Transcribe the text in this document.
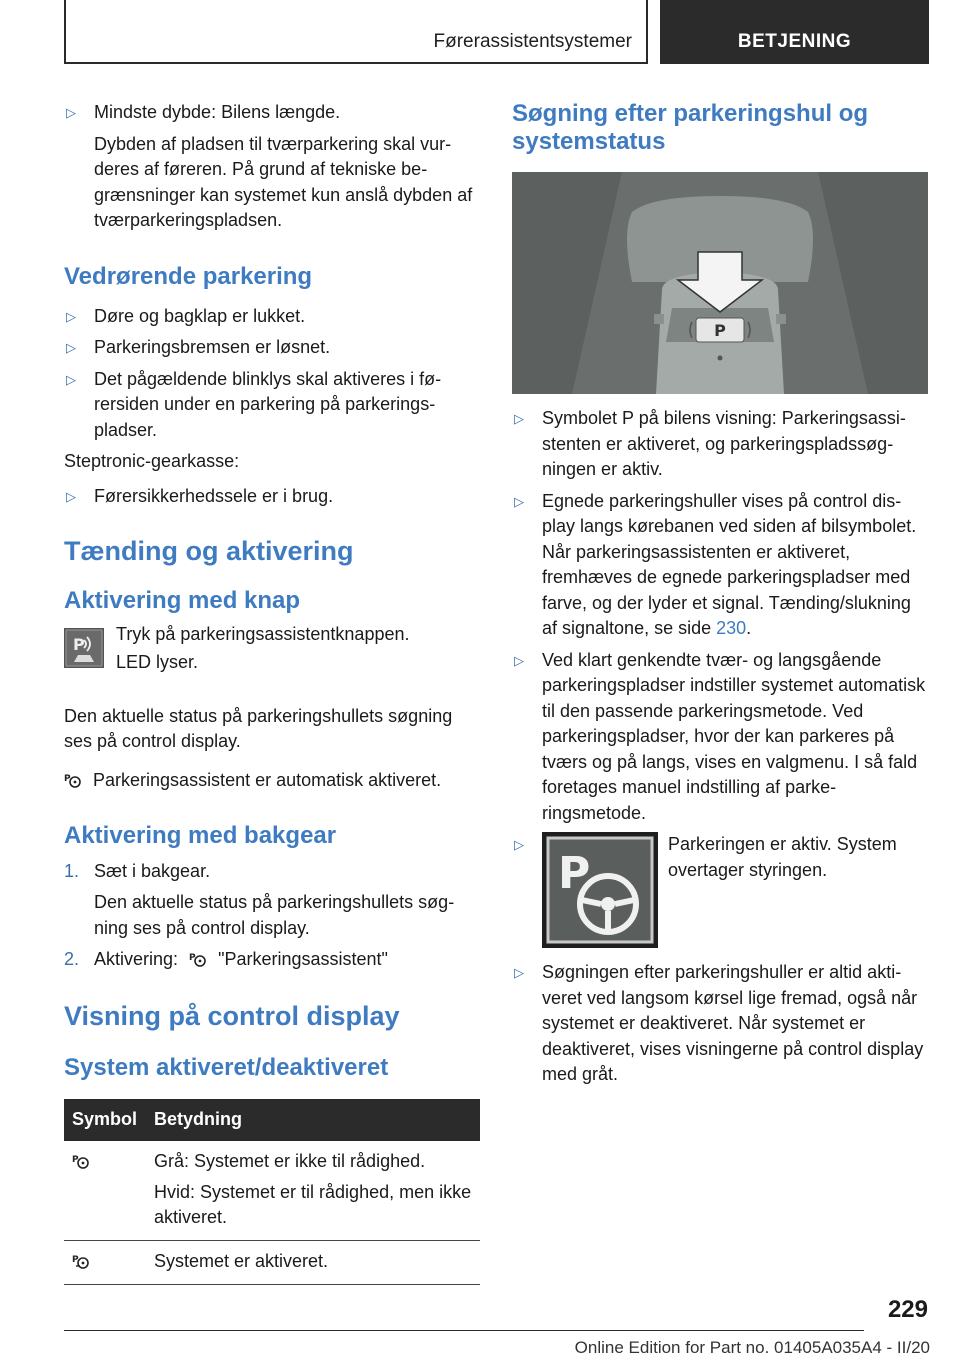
Førerassistentsystemer	BETJENING
▷ Mindste dybde: Bilens længde.
Dybden af pladsen til tværparkering skal vurderes af føreren. På grund af tekniske begrænsninger kan systemet kun anslå dybden af tværparkeringspladsen.
Vedrørende parkering
▷ Døre og bagklap er lukket.
▷ Parkeringsbremsen er løsnet.
▷ Det pågældende blinklys skal aktiveres i førersiden under en parkering på parkeringspladser.

Steptronic-gearkasse:

▷ Førersikkerhedssele er i brug.
Tænding og aktivering
Aktivering med knap
P

Tryk på parkeringsassistentknappen.

LED lyser.

Den aktuelle status på parkeringshullets søgning ses på control display.

P Parkeringsassistent er automatisk aktiveret.

Aktivering med bakgear
1. Sæt i bakgear.
Den aktuelle status på parkeringshullets søgning ses på control display.
2. Aktivering: P "Parkeringsassistent"
Visning på control display
System aktiveret/deaktiveret
Symbol	Betydning

P	Grå: Systemet er ikke til rådighed.

Hvid: Systemet er til rådighed, men ikke aktiveret.

P	Systemet er aktiveret.
Søgning efter parkeringshul og systemstatus
P
▷ Symbolet P på bilens visning: Parkeringsassistenten er aktiveret, og parkeringspladssøgningen er aktiv.
▷ Egnede parkeringshuller vises på control display langs kørebanen ved siden af bilsymbolet. Når parkeringsassistenten er aktiveret, fremhæves de egnede parkeringspladser med farve, og der lyder et signal. Tænding/slukning af signaltone, se side 230.
▷ Ved klart genkendte tvær- og langsgående parkeringspladser indstiller systemet automatisk til den passende parkeringsmetode. Ved parkeringspladser, hvor der kan parkeres på tværs og på langs, vises en valgmenu. I så fald foretages manuel indstilling af parkeringsmetode.
▷
P
Parkeringen er aktiv. System overtager styringen.
▷ Søgningen efter parkeringshuller er altid aktiveret ved langsom kørsel lige fremad, også når systemet er deaktiveret. Når systemet er deaktiveret, vises visningerne på control display med gråt.
229
Online Edition for Part no. 01405A035A4 - II/20
